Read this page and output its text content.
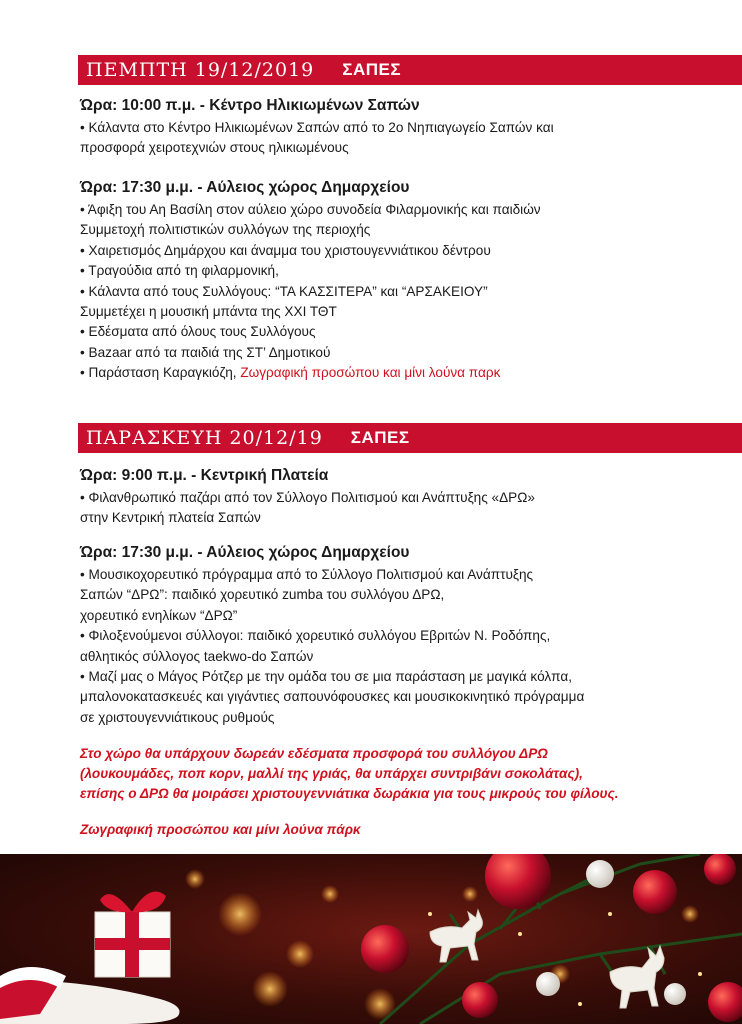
ΠΕΜΠΤΗ 19/12/2019 ΣΑΠΕΣ
Ώρα: 10:00 π.μ. - Κέντρο Ηλικιωμένων Σαπών
• Κάλαντα στο Κέντρο Ηλικιωμένων Σαπών από το 2ο Νηπιαγωγείο Σαπών και
προσφορά χειροτεχνιών στους ηλικιωμένους
Ώρα: 17:30 μ.μ. - Αύλειος χώρος Δημαρχείου
• Άφιξη του Αη Βασίλη στον αύλειο χώρο συνοδεία Φιλαρμονικής και παιδιών
Συμμετοχή πολιτιστικών συλλόγων της περιοχής
• Χαιρετισμός Δημάρχου και άναμμα του χριστουγεννιάτικου δέντρου
• Τραγούδια από τη φιλαρμονική,
• Κάλαντα από τους Συλλόγους: “ΤΑ ΚΑΣΣΙΤΕΡΑ” και “ΑΡΣΑΚΕΙΟΥ”
Συμμετέχει η μουσική μπάντα της ΧΧΙ ΤΘΤ
• Εδέσματα από όλους τους Συλλόγους
• Bazaar από τα παιδιά της ΣΤ’ Δημοτικού
• Παράσταση Καραγκιόζη, Ζωγραφική προσώπου και μίνι λούνα παρκ
ΠΑΡΑΣΚΕΥΗ 20/12/19 ΣΑΠΕΣ
Ώρα: 9:00 π.μ. - Κεντρική Πλατεία
• Φιλανθρωπικό παζάρι από τον Σύλλογο Πολιτισμού και Ανάπτυξης «ΔΡΩ»
στην Κεντρική πλατεία Σαπών
Ώρα: 17:30 μ.μ. - Αύλειος χώρος Δημαρχείου
• Μουσικοχορευτικό πρόγραμμα από το Σύλλογο Πολιτισμού και Ανάπτυξης
Σαπών “ΔΡΩ”: παιδικό χορευτικό zumba του συλλόγου ΔΡΩ,
χορευτικό ενηλίκων “ΔΡΩ”
• Φιλοξενούμενοι σύλλογοι: παιδικό χορευτικό συλλόγου Εβριτών Ν. Ροδόπης,
αθλητικός σύλλογος taekwo-do Σαπών
• Μαζί μας ο Μάγος Ρότζερ με την ομάδα του σε μια παράσταση με μαγικά κόλπα,
μπαλονοκατασκευές και γιγάντιες σαπουνόφουσκες και μουσικοκινητικό πρόγραμμα
σε χριστουγεννιάτικους ρυθμούς
Στο χώρο θα υπάρχουν δωρεάν εδέσματα προσφορά του συλλόγου ΔΡΩ
(λουκουμάδες, ποπ κορν, μαλλί της γριάς, θα υπάρχει συντριβάνι σοκολάτας),
επίσης ο ΔΡΩ θα μοιράσει χριστουγεννιάτικα δωράκια για τους μικρούς του φίλους.
Ζωγραφική προσώπου και μίνι λούνα πάρκ
